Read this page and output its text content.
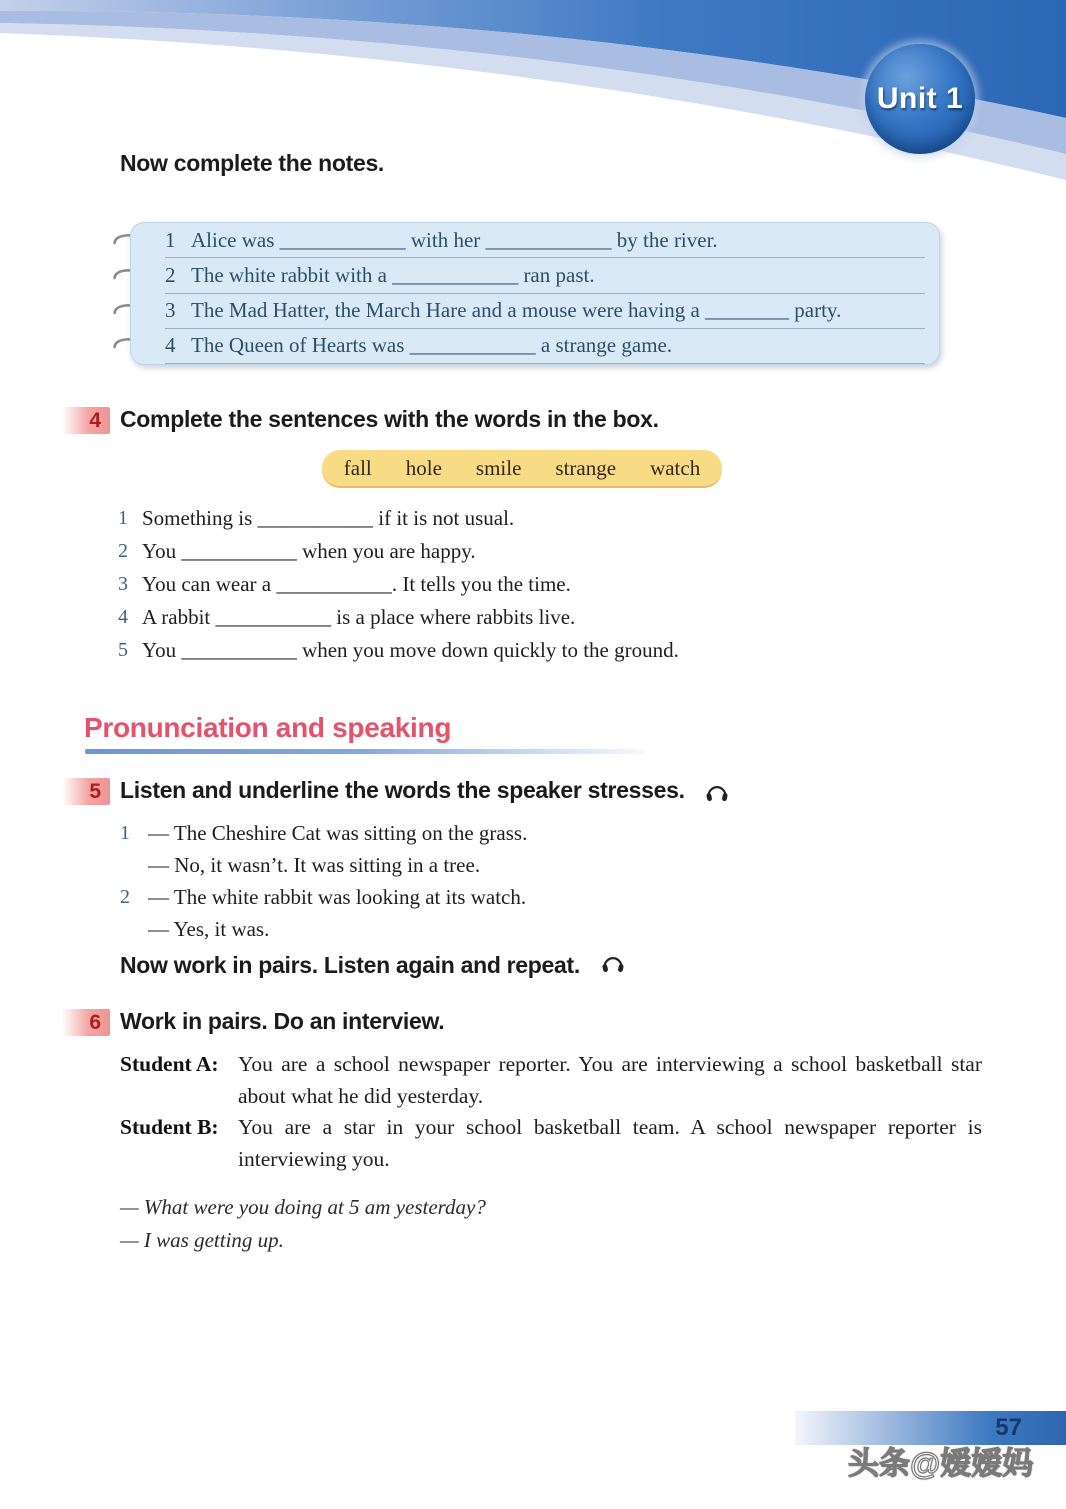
Unit 1
Now complete the notes.
1 Alice was ____________ with her ____________ by the river.
2 The white rabbit with a ____________ ran past.
3 The Mad Hatter, the March Hare and a mouse were having a ________ party.
4 The Queen of Hearts was ____________ a strange game.
4 Complete the sentences with the words in the box.
fall hole smile strange watch
1 Something is ___________ if it is not usual.
2 You ___________ when you are happy.
3 You can wear a ___________. It tells you the time.
4 A rabbit ___________ is a place where rabbits live.
5 You ___________ when you move down quickly to the ground.
Pronunciation and speaking
5 Listen and underline the words the speaker stresses.
1 — The Cheshire Cat was sitting on the grass.
— No, it wasn’t. It was sitting in a tree.
2 — The white rabbit was looking at its watch.
— Yes, it was.
Now work in pairs. Listen again and repeat.
6 Work in pairs. Do an interview.
Student A: You are a school newspaper reporter. You are interviewing a school basketball star about what he did yesterday.
Student B: You are a star in your school basketball team. A school newspaper reporter is interviewing you.
— What were you doing at 5 am yesterday?
— I was getting up.
57
头条@嫒嫒妈
